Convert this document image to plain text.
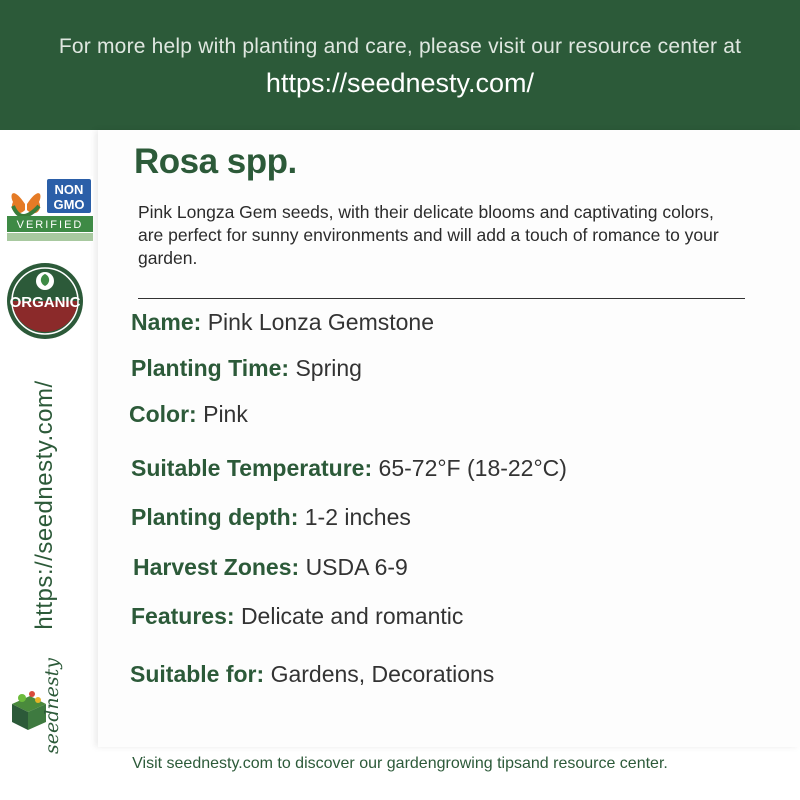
For more help with planting and care, please visit our resource center at
https://seednesty.com/
NON
GMO
VERIFIED
ORGANIC
https://seednesty.com/
seednesty
Rosa spp.
Pink Longza Gem seeds, with their delicate blooms and captivating colors, are perfect for sunny environments and will add a touch of romance to your garden.
Name: Pink Lonza Gemstone
Planting Time: Spring
Color: Pink
Suitable Temperature: 65-72°F (18-22°C)
Planting depth: 1-2 inches
Harvest Zones: USDA 6-9
Features: Delicate and romantic
Suitable for: Gardens, Decorations
Visit seednesty.com to discover our gardengrowing tipsand resource center.
